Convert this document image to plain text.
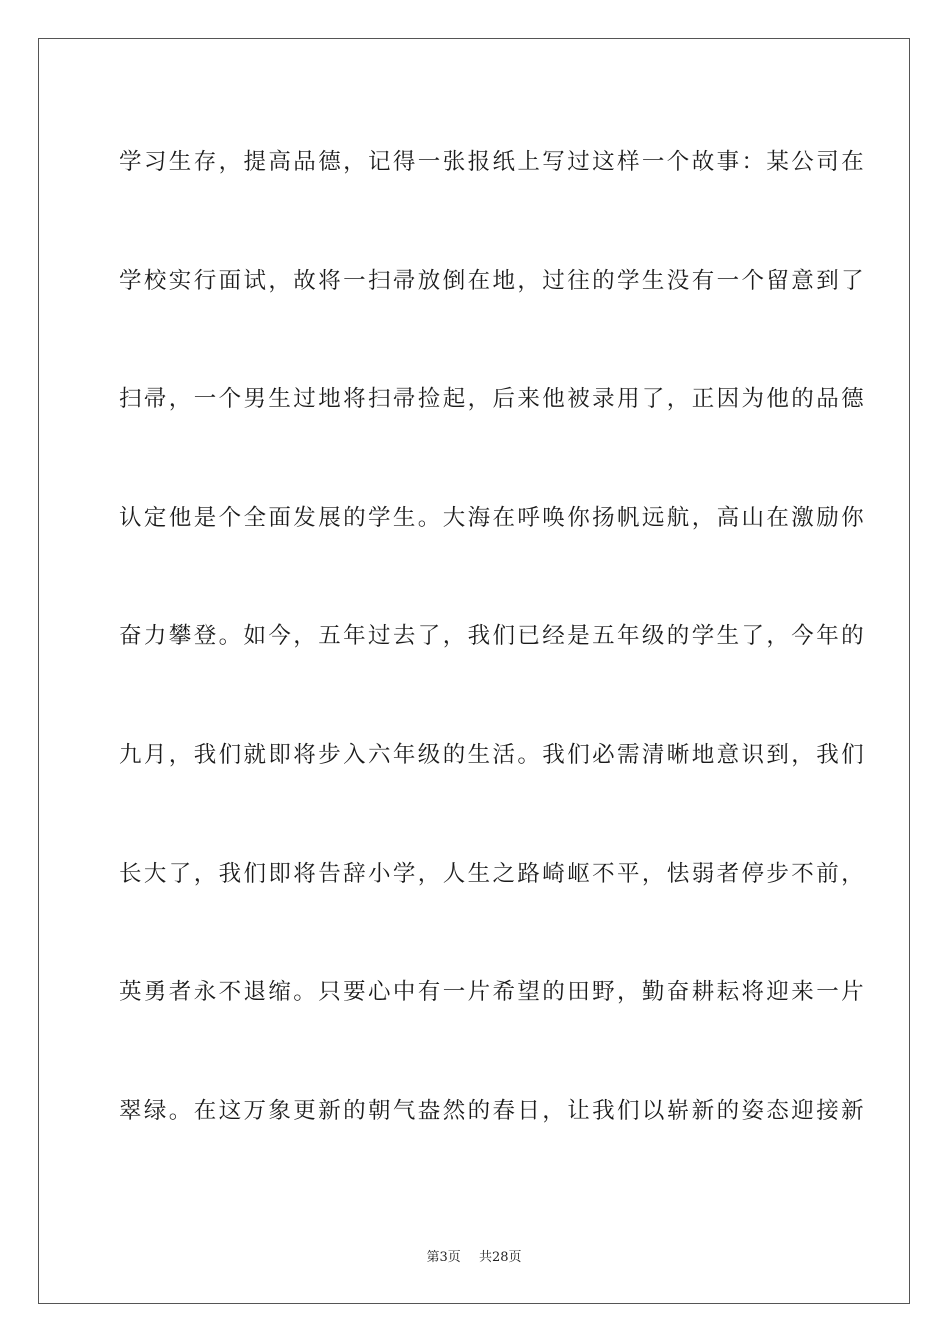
学习生存，提高品德，记得一张报纸上写过这样一个故事：某公司在
学校实行面试，故将一扫帚放倒在地，过往的学生没有一个留意到了
扫帚，一个男生过地将扫帚捡起，后来他被录用了，正因为他的品德
认定他是个全面发展的学生。大海在呼唤你扬帆远航，高山在激励你
奋力攀登。如今，五年过去了，我们已经是五年级的学生了，今年的
九月，我们就即将步入六年级的生活。我们必需清晰地意识到，我们
长大了，我们即将告辞小学，人生之路崎岖不平，怯弱者停步不前，
英勇者永不退缩。只要心中有一片希望的田野，勤奋耕耘将迎来一片
翠绿。在这万象更新的朝气盎然的春日，让我们以崭新的姿态迎接新
第3页 共28页
